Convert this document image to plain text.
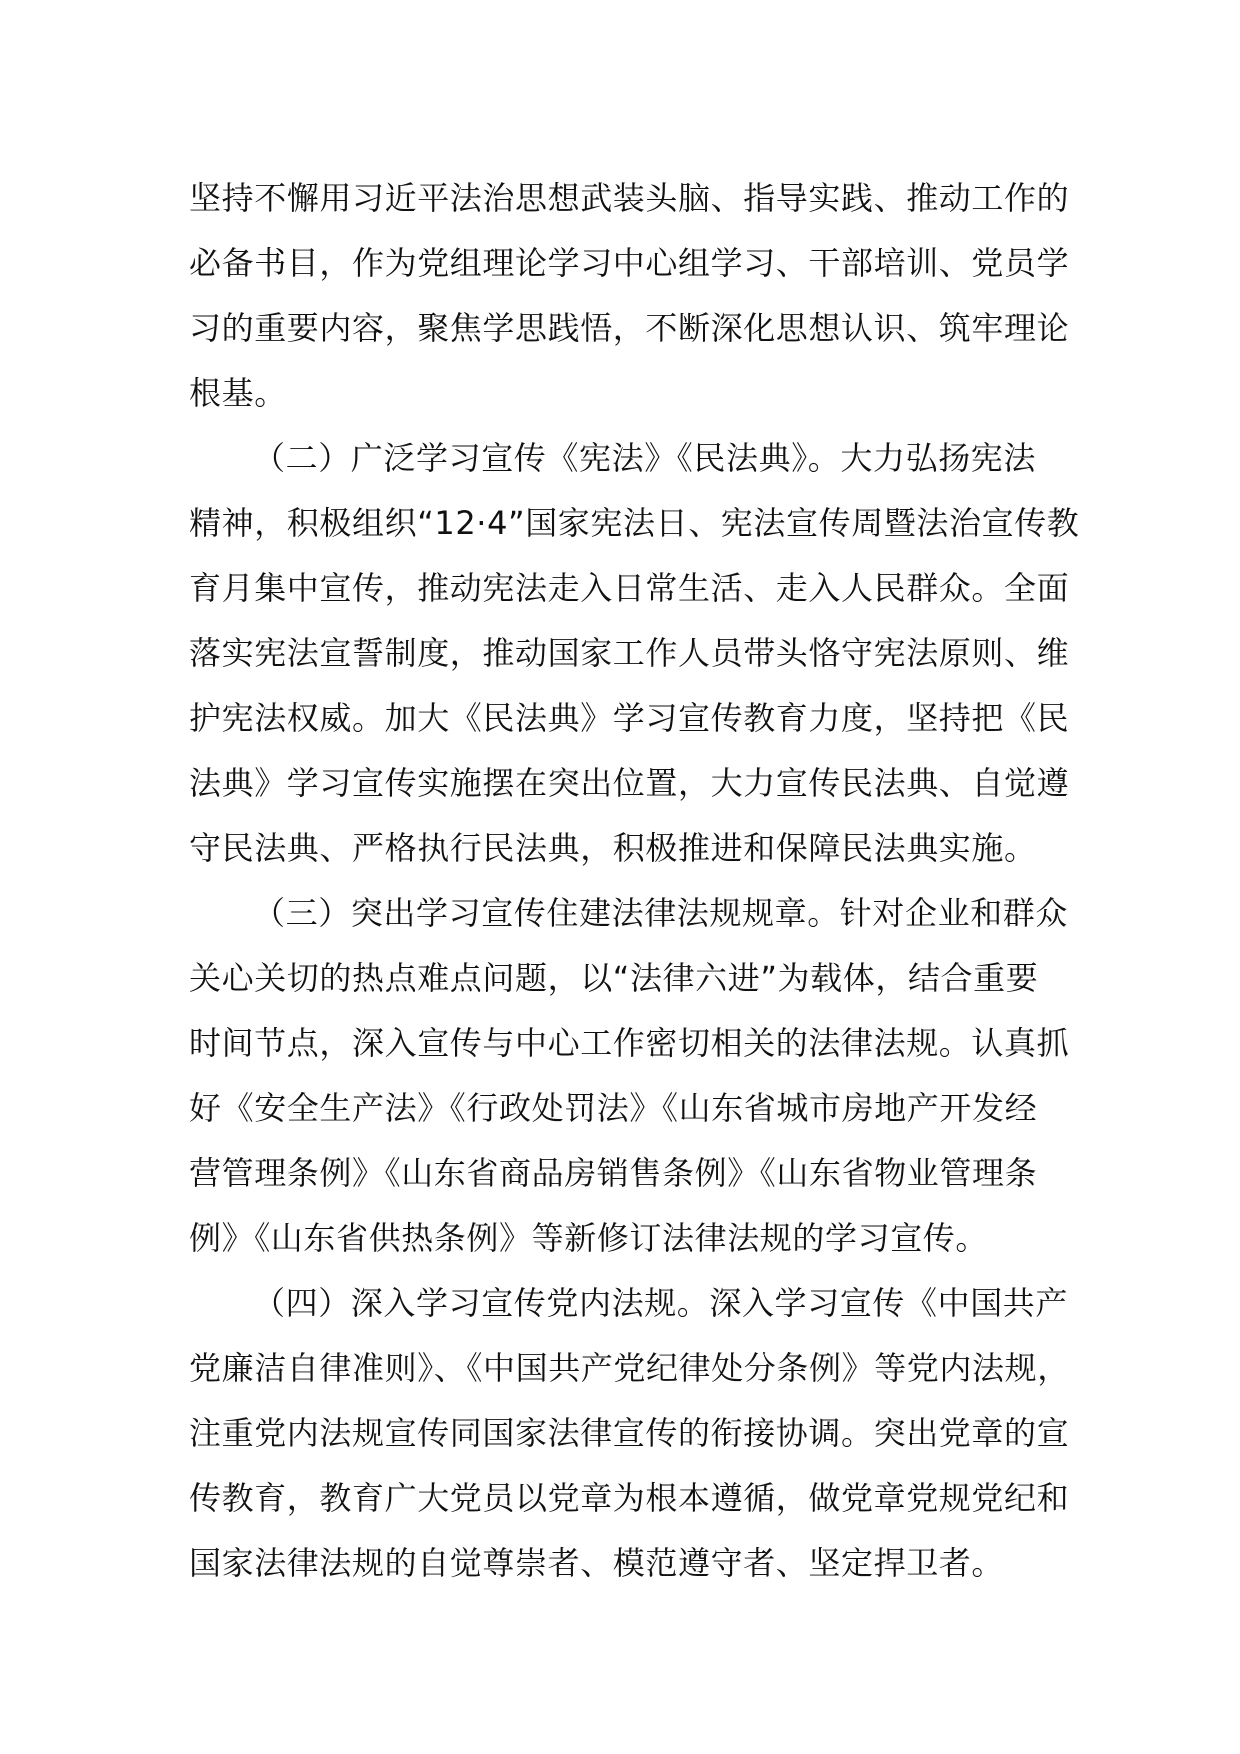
坚持不懈用习近平法治思想武装头脑、指导实践、推动工作的
必备书目，作为党组理论学习中心组学习、干部培训、党员学
习的重要内容，聚焦学思践悟，不断深化思想认识、筑牢理论
根基。
（二）广泛学习宣传《宪法》《民法典》。大力弘扬宪法
精神，积极组织“12·4”国家宪法日、宪法宣传周暨法治宣传教
育月集中宣传，推动宪法走入日常生活、走入人民群众。全面
落实宪法宣誓制度，推动国家工作人员带头恪守宪法原则、维
护宪法权威。加大《民法典》学习宣传教育力度，坚持把《民
法典》学习宣传实施摆在突出位置，大力宣传民法典、自觉遵
守民法典、严格执行民法典，积极推进和保障民法典实施。
（三）突出学习宣传住建法律法规规章。针对企业和群众
关心关切的热点难点问题，以“法律六进”为载体，结合重要
时间节点，深入宣传与中心工作密切相关的法律法规。认真抓
好《安全生产法》《行政处罚法》《山东省城市房地产开发经
营管理条例》《山东省商品房销售条例》《山东省物业管理条
例》《山东省供热条例》等新修订法律法规的学习宣传。
（四）深入学习宣传党内法规。深入学习宣传《中国共产
党廉洁自律准则》、《中国共产党纪律处分条例》等党内法规，
注重党内法规宣传同国家法律宣传的衔接协调。突出党章的宣
传教育，教育广大党员以党章为根本遵循，做党章党规党纪和
国家法律法规的自觉尊崇者、模范遵守者、坚定捍卫者。
